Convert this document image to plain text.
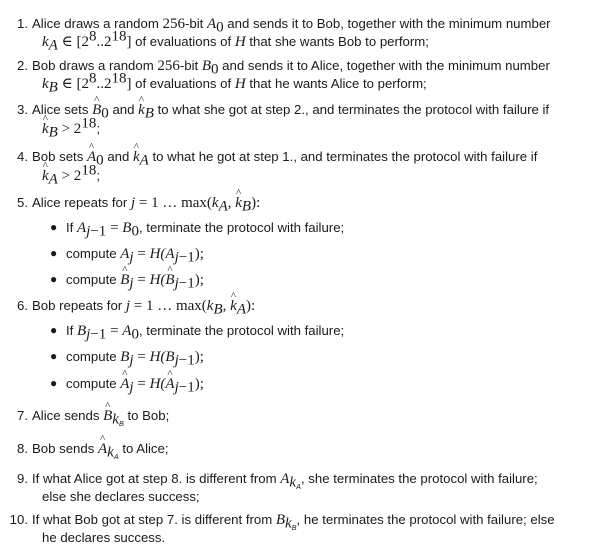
1. Alice draws a random 256-bit $A_0$ and sends it to Bob, together with the minimum number
$k_A$ ∈ $[2^8..2^{18}]$ of evaluations of H that she wants Bob to perform;
2. Bob draws a random 256-bit $B_0$ and sends it to Alice, together with the minimum number
$k_B$ ∈ $[2^8..2^{18}]$ of evaluations of H that he wants Alice to perform;
3. Alice sets ^ $B_0$ and ^ $k_B$ to what she got at step 2., and terminates the protocol with failure if
^ $k_B > 2^{18}$;
4. Bob sets ^ $A_0$ and ^ $k_A$ to what he got at step 1., and terminates the protocol with failure if
^ $k_A > 2^{18}$;
5. Alice repeats for j = 1 … $\max(k_A$, ^ $k_B$):
● If $A_{j-1} = B_0$, terminate the protocol with failure;
● compute $A_j = H(A_{j-1})$;
● compute ^ $B_j$ = H(^ $B_{j-1}$);
6. Bob repeats for j = 1 … $\max(k_B$, ^ $k_A$):
● If $B_{j-1} = A_0$, terminate the protocol with failure;
● compute $B_j = H(B_{j-1})$;
● compute ^ $A_j$ = H(^ $A_{j-1}$);
7. Alice sends ^ $B_{kB}$ to Bob;
8. Bob sends ^ $A_{kA}$ to Alice;
9. If what Alice got at step 8. is different from $A_{kA}$, she terminates the protocol with failure;
else she declares success;
10. If what Bob got at step 7. is different from $B_{kB}$, he terminates the protocol with failure; else
he declares success.
